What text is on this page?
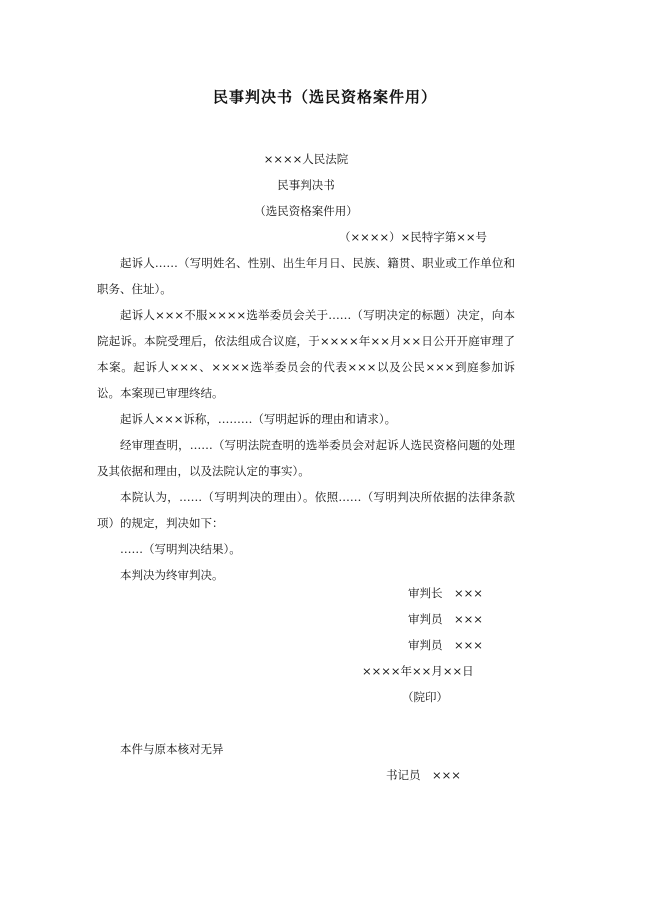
民事判决书（选民资格案件用）
××××人民法院
民事判决书
（选民资格案件用）
（××××）×民特字第××号
起诉人……（写明姓名、性别、出生年月日、民族、籍贯、职业或工作单位和职务、住址）。
起诉人×××不服××××选举委员会关于……（写明决定的标题）决定，向本院起诉。本院受理后，依法组成合议庭，于××××年××月××日公开开庭审理了本案。起诉人×××、××××选举委员会的代表×××以及公民×××到庭参加诉讼。本案现已审理终结。
起诉人×××诉称，………（写明起诉的理由和请求）。
经审理查明，……（写明法院查明的选举委员会对起诉人选民资格问题的处理及其依据和理由，以及法院认定的事实）。
本院认为，……（写明判决的理由）。依照……（写明判决所依据的法律条款项）的规定，判决如下：
……（写明判决结果）。
本判决为终审判决。
审判长 ×××
审判员 ×××
审判员 ×××
××××年××月××日
（院印）
本件与原本核对无异
书记员 ×××
